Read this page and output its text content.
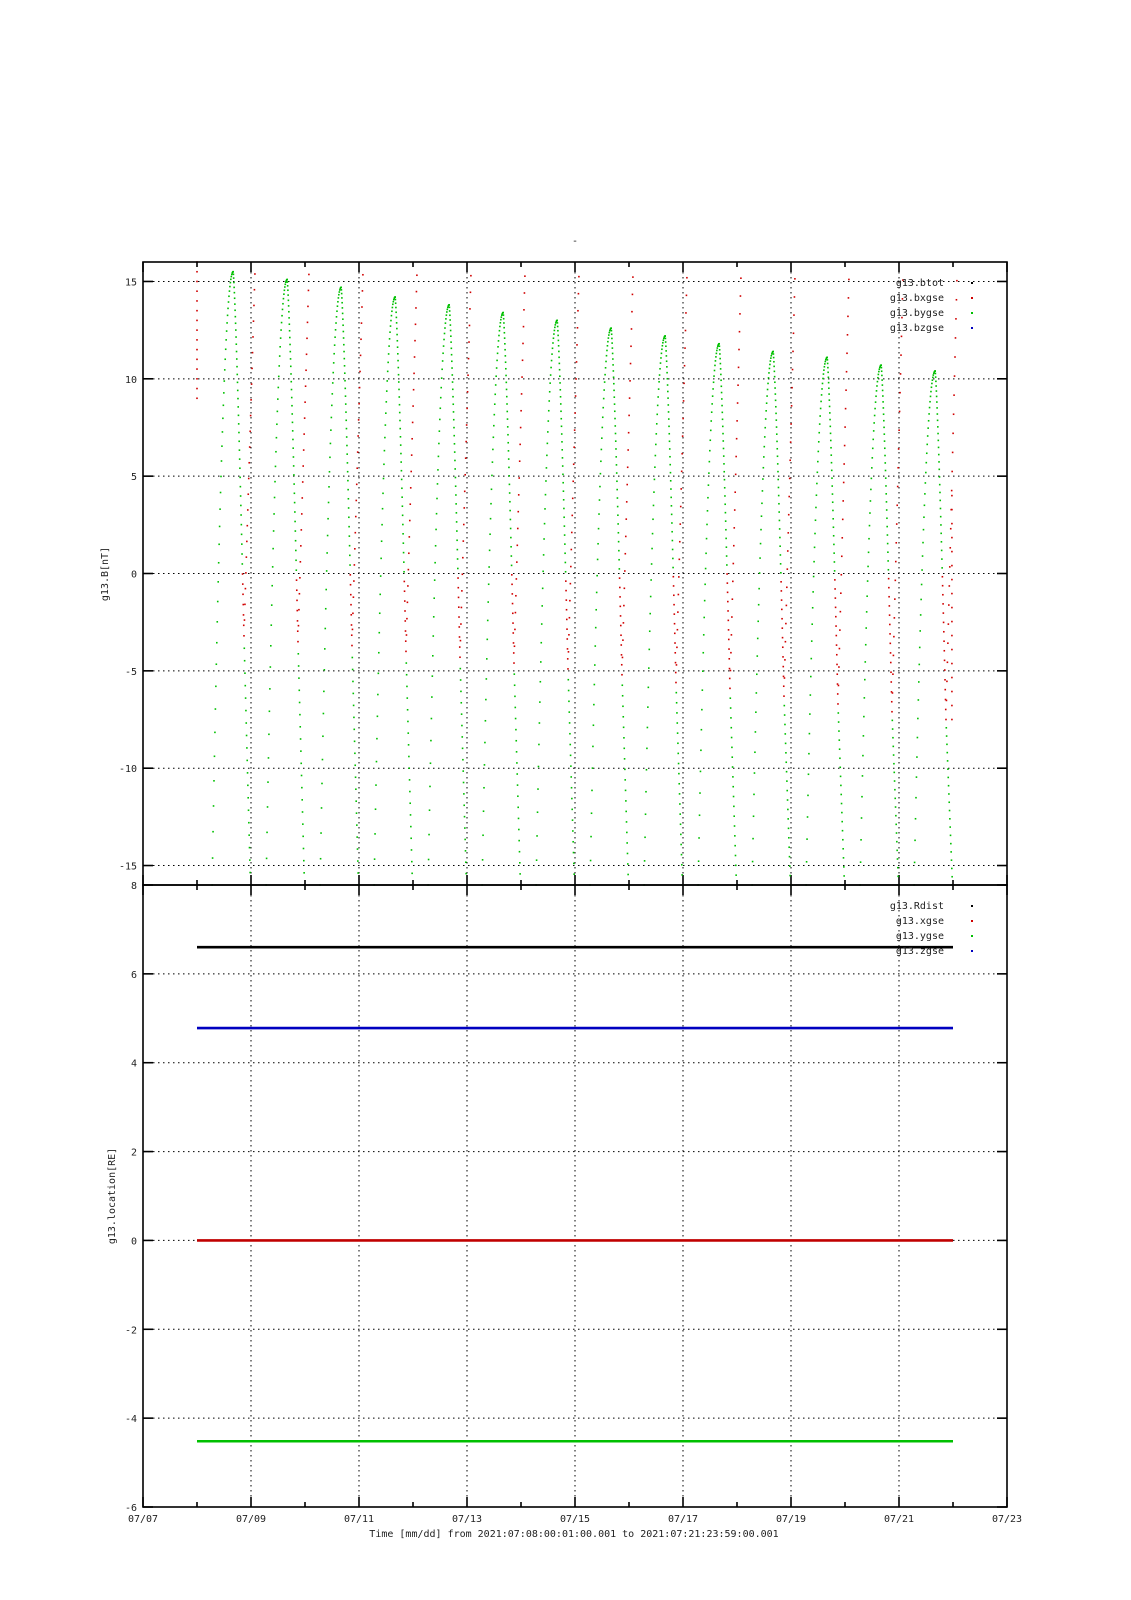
-
15
10
5
0
-5
-10
-15
g13.btot
g13.bxgse
g13.bygse
g13.bzgse
g13.B[nT]
8
6
4
2
0
-2
-4
-6
07/07	07/09	07/11	07/13	07/15	07/17	07/19	07/21	07/23
g13.Rdist
g13.xgse
g13.ygse
g13.zgse
g13.location[RE]
Time [mm/dd] from 2021:07:08:00:01:00.001 to 2021:07:21:23:59:00.001
